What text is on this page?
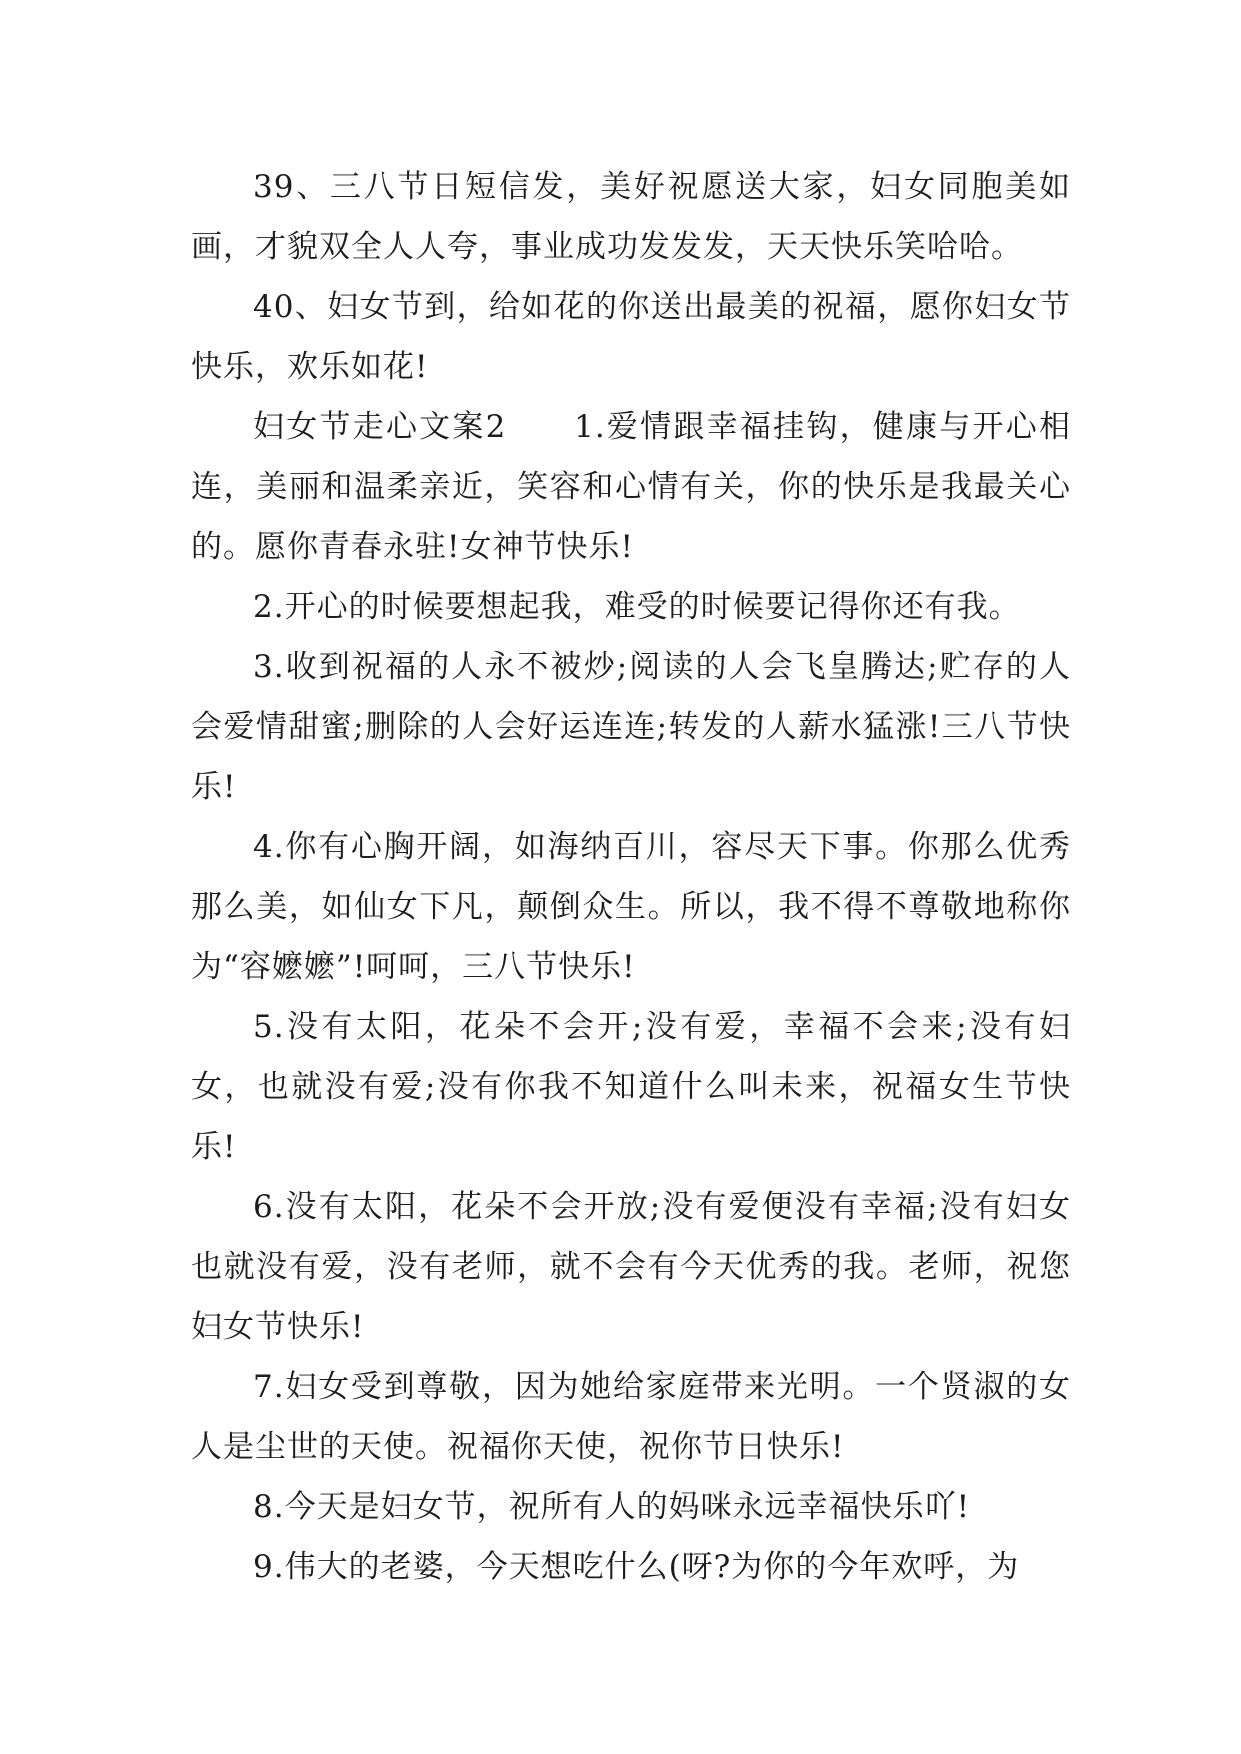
39、三八节日短信发，美好祝愿送大家，妇女同胞美如画，才貌双全人人夸，事业成功发发发，天天快乐笑哈哈。

40、妇女节到，给如花的你送出最美的祝福，愿你妇女节快乐，欢乐如花!

妇女节走心文案2　　1.爱情跟幸福挂钩，健康与开心相连，美丽和温柔亲近，笑容和心情有关，你的快乐是我最关心的。愿你青春永驻!女神节快乐!

2.开心的时候要想起我，难受的时候要记得你还有我。

3.收到祝福的人永不被炒;阅读的人会飞皇腾达;贮存的人会爱情甜蜜;删除的人会好运连连;转发的人薪水猛涨!三八节快乐!

4.你有心胸开阔，如海纳百川，容尽天下事。你那么优秀那么美，如仙女下凡，颠倒众生。所以，我不得不尊敬地称你为“容嬷嬷”!呵呵，三八节快乐!

5.没有太阳，花朵不会开;没有爱，幸福不会来;没有妇女，也就没有爱;没有你我不知道什么叫未来，祝福女生节快乐!

6.没有太阳，花朵不会开放;没有爱便没有幸福;没有妇女也就没有爱，没有老师，就不会有今天优秀的我。老师，祝您妇女节快乐!

7.妇女受到尊敬，因为她给家庭带来光明。一个贤淑的女人是尘世的天使。祝福你天使，祝你节日快乐!

8.今天是妇女节，祝所有人的妈咪永远幸福快乐吖!

9.伟大的老婆，今天想吃什么(呀?为你的今年欢呼，为
